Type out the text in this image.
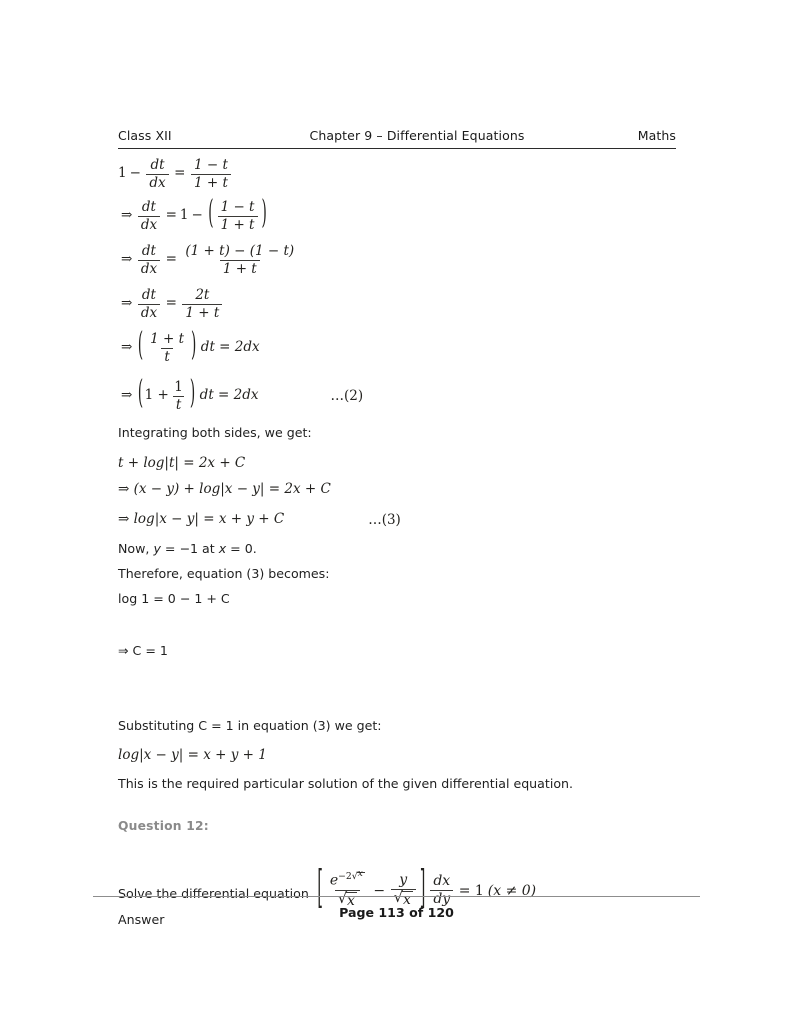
Class XII	Chapter 9 – Differential Equations	Maths
$1 - \frac{dt}{dx} = \frac{1 - t}{1 + t}$
⇒ $\frac{dt}{dx} = 1$ − ( $\frac{1 - t}{1 + t}$ )
⇒ $\frac{dt}{dx} = \frac{(1 + t) - (1 - t)}{1 + t}$
⇒ $\frac{dt}{dx} = \frac{2t}{1 + t}$
⇒ ( $\frac{1 + t}{t}$ ) dt = 2dx
⇒ ( $1 + \frac{1}{t}$ ) dt = 2dx	…(2)
Integrating both sides, we get:
t + log|t| = 2x + C
⇒ (x − y) + log|x − y| = 2x + C
⇒ log|x − y| = x + y + C	…(3)
Now, y = −1 at x = 0.
Therefore, equation (3) becomes:
log 1 = 0 − 1 + C
⇒ C = 1
Substituting C = 1 in equation (3) we get:
log|x − y| = x + y + 1
This is the required particular solution of the given differential equation.
Question 12:
Solve the differential equation [ $\frac{e^{-2 √ x}}{√ x} - \frac{y}{√ x}$ ] $\frac{dx}{dy} = 1$ (x ≠ 0)
Answer	Page 113 of 120
